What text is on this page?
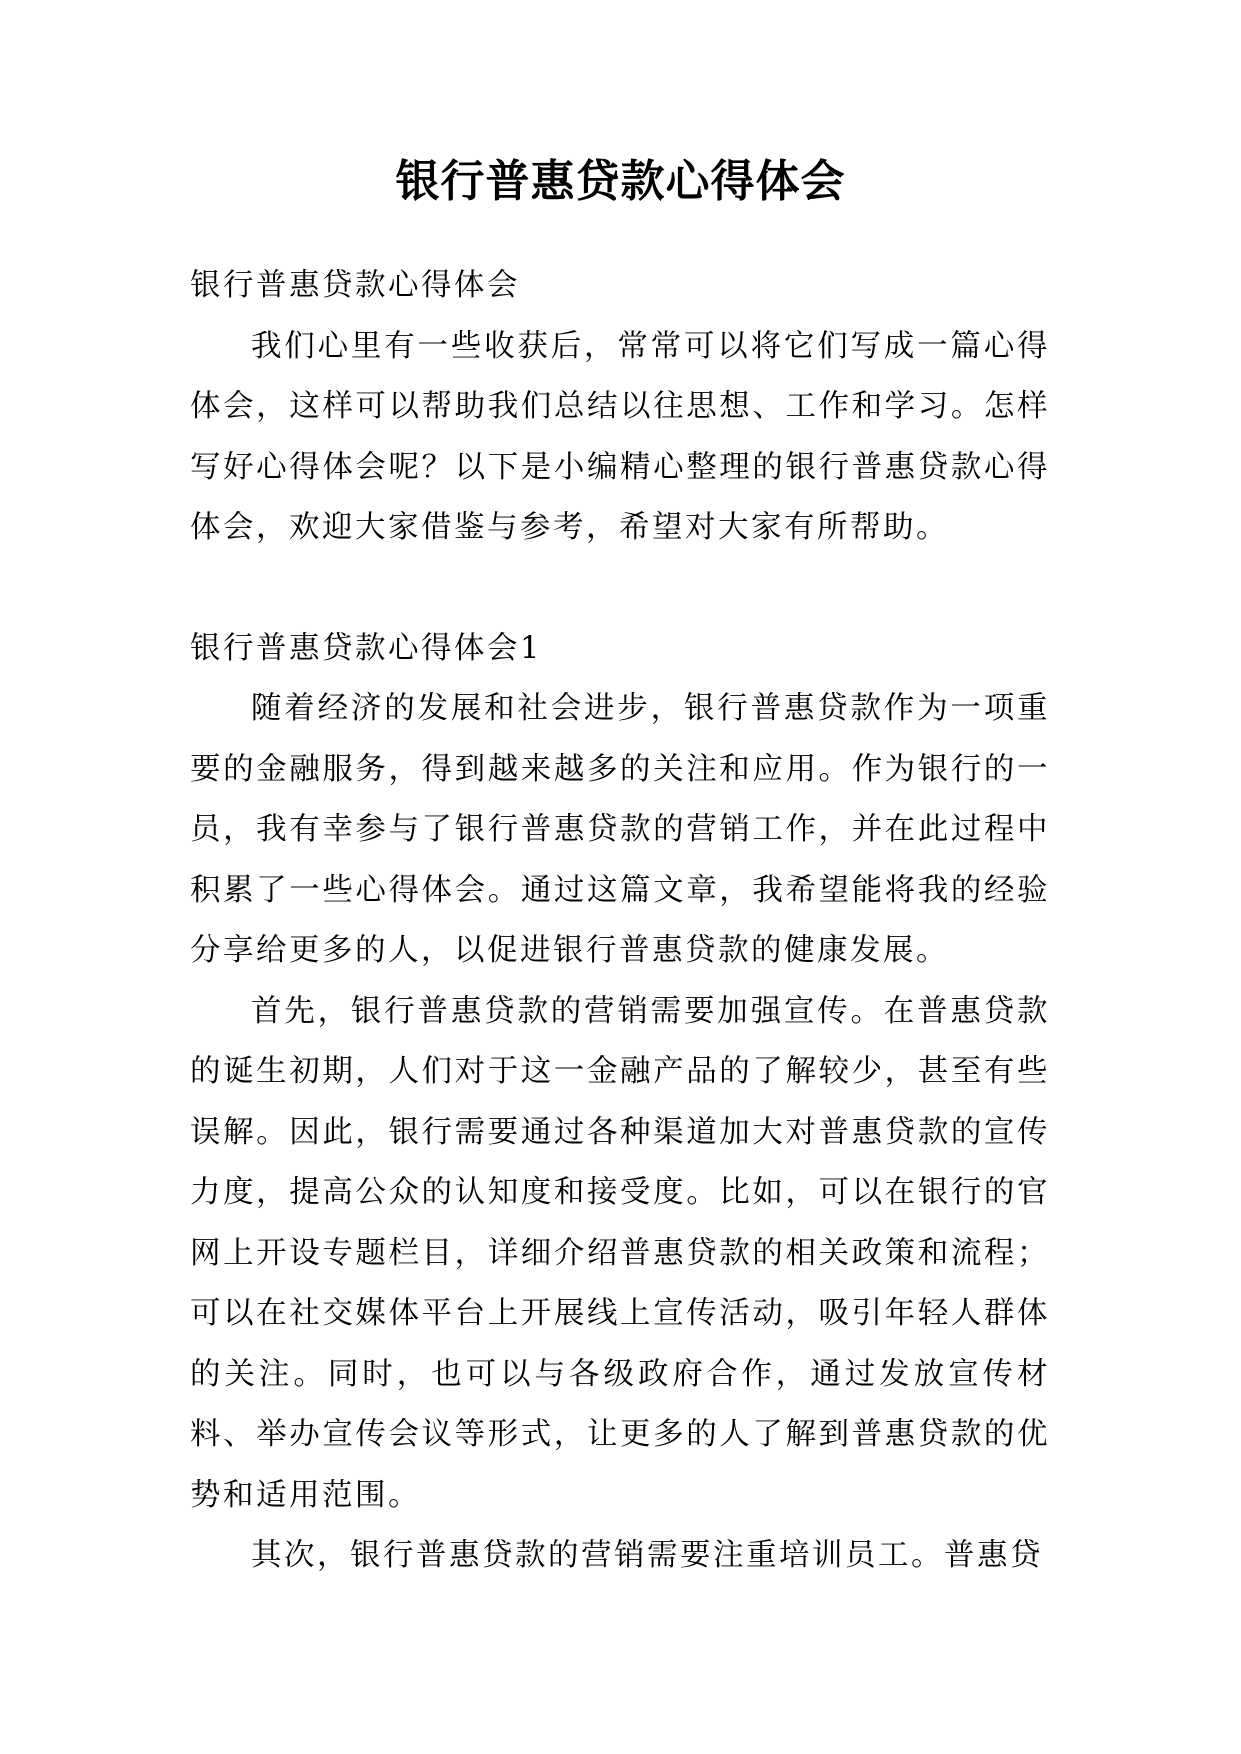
银行普惠贷款心得体会

银行普惠贷款心得体会

我们心里有一些收获后，常常可以将它们写成一篇心得体会，这样可以帮助我们总结以往思想、工作和学习。怎样写好心得体会呢？以下是小编精心整理的银行普惠贷款心得体会，欢迎大家借鉴与参考，希望对大家有所帮助。

银行普惠贷款心得体会1

随着经济的发展和社会进步，银行普惠贷款作为一项重要的金融服务，得到越来越多的关注和应用。作为银行的一员，我有幸参与了银行普惠贷款的营销工作，并在此过程中积累了一些心得体会。通过这篇文章，我希望能将我的经验分享给更多的人，以促进银行普惠贷款的健康发展。

首先，银行普惠贷款的营销需要加强宣传。在普惠贷款的诞生初期，人们对于这一金融产品的了解较少，甚至有些误解。因此，银行需要通过各种渠道加大对普惠贷款的宣传力度，提高公众的认知度和接受度。比如，可以在银行的官网上开设专题栏目，详细介绍普惠贷款的相关政策和流程；可以在社交媒体平台上开展线上宣传活动，吸引年轻人群体的关注。同时，也可以与各级政府合作，通过发放宣传材料、举办宣传会议等形式，让更多的人了解到普惠贷款的优势和适用范围。

其次，银行普惠贷款的营销需要注重培训员工。普惠贷
